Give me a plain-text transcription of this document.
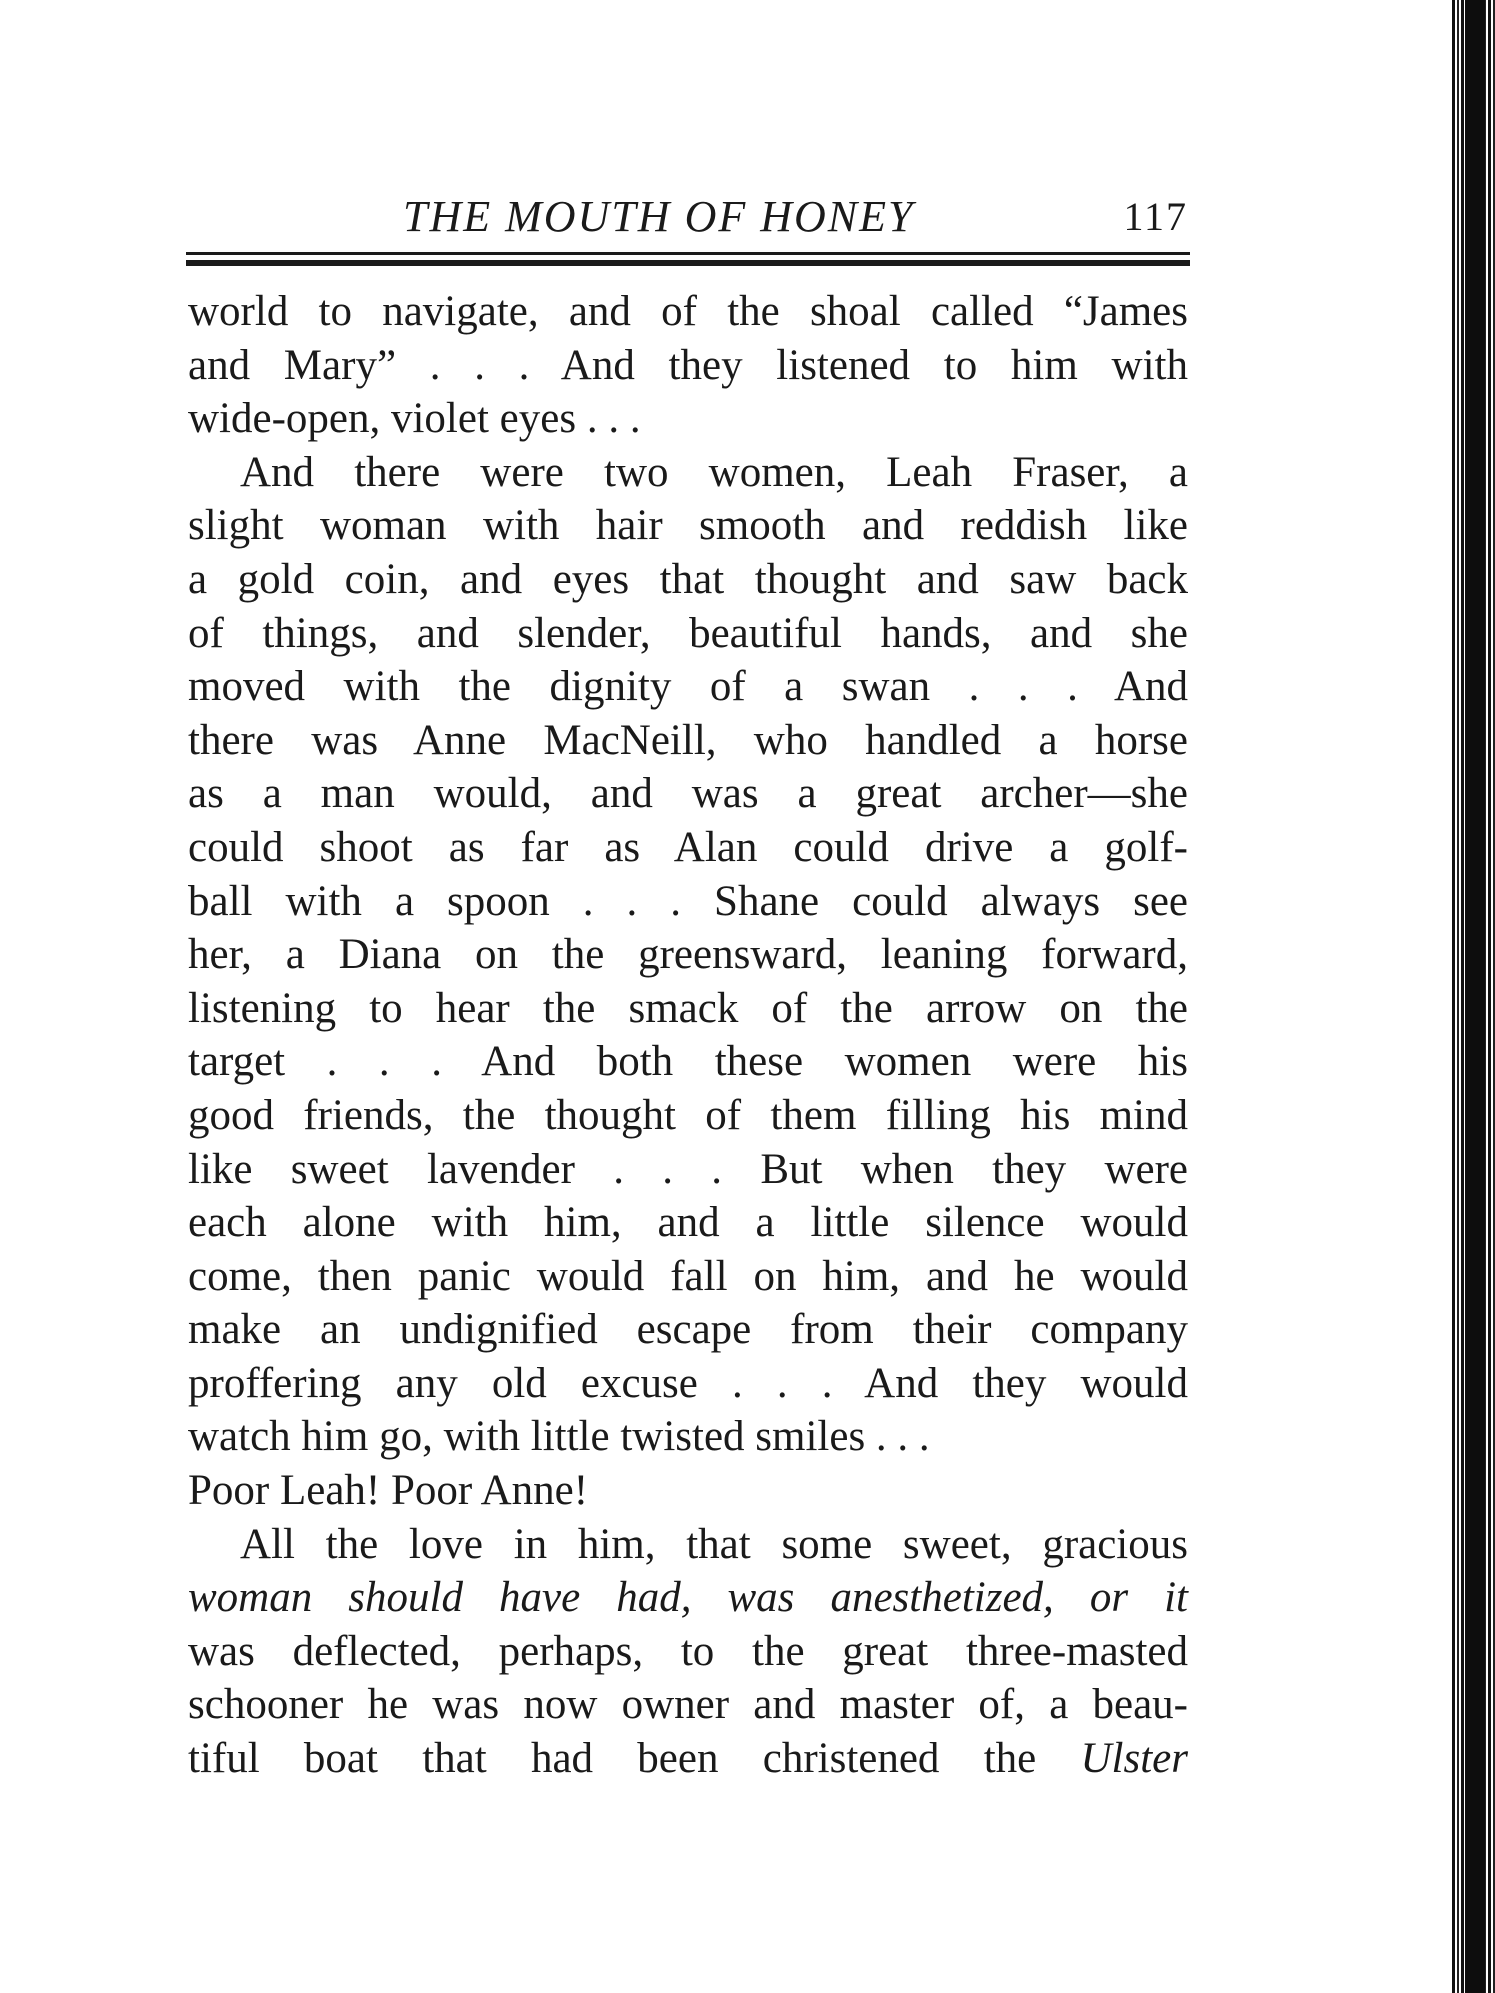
THE MOUTH OF HONEY	117
world to navigate, and of the shoal called “James
and Mary” . . . And they listened to him with
wide-open, violet eyes . . .
And there were two women, Leah Fraser, a
slight woman with hair smooth and reddish like
a gold coin, and eyes that thought and saw back
of things, and slender, beautiful hands, and she
moved with the dignity of a swan . . . And
there was Anne MacNeill, who handled a horse
as a man would, and was a great archer—she
could shoot as far as Alan could drive a golf-
ball with a spoon . . . Shane could always see
her, a Diana on the greensward, leaning forward,
listening to hear the smack of the arrow on the
target . . . And both these women were his
good friends, the thought of them filling his mind
like sweet lavender . . . But when they were
each alone with him, and a little silence would
come, then panic would fall on him, and he would
make an undignified escape from their company
proffering any old excuse . . . And they would
watch him go, with little twisted smiles . . .
Poor Leah! Poor Anne!
All the love in him, that some sweet, gracious
woman should have had, was anesthetized, or it
was deflected, perhaps, to the great three-masted
schooner he was now owner and master of, a beau-
tiful boat that had been christened the Ulster
